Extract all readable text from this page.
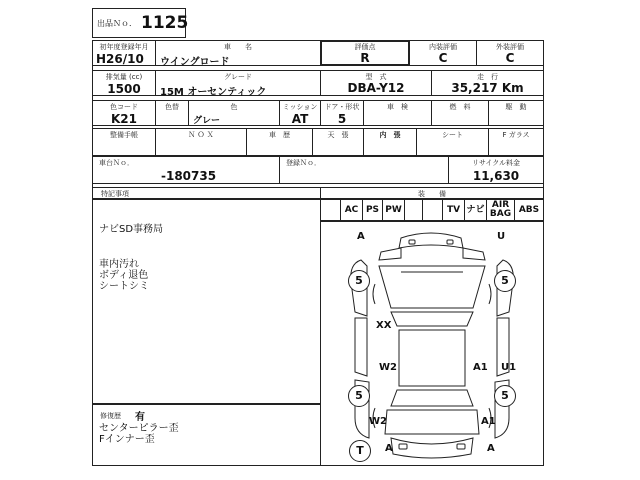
出品Ｎｏ． 1125
初年度登録年月
H26/10
車　　名
ウイングロード
評価点
R
内装評価
C
外装評価
C
排気量 (cc)
1500
グレード
15M オーセンティック
型　式
DBA-Y12
走　行
35,217 Km
色コード
K21
色替	色
グレー
ミッション
AT
ドア・形状
5
車　検	燃　料	駆　動
整備手帳	Ｎ Ｏ Ｘ	車　歴	天　張	内　張	シート	F ガラス
車台Ｎｏ．
-180735
登録Ｎｏ．	リサイクル料金
11,630
特記事項	装　　備
AC PS PW	TV ナビ AIR
BAG ABS
ナビSD事務局
車内汚れ
ボディ退色
シートシミ
修復歴 有
センターピラー歪
Fインナー歪
5	5
5	5
T
A	U
XX
W2	A1 U1
W2	A1
A	A
